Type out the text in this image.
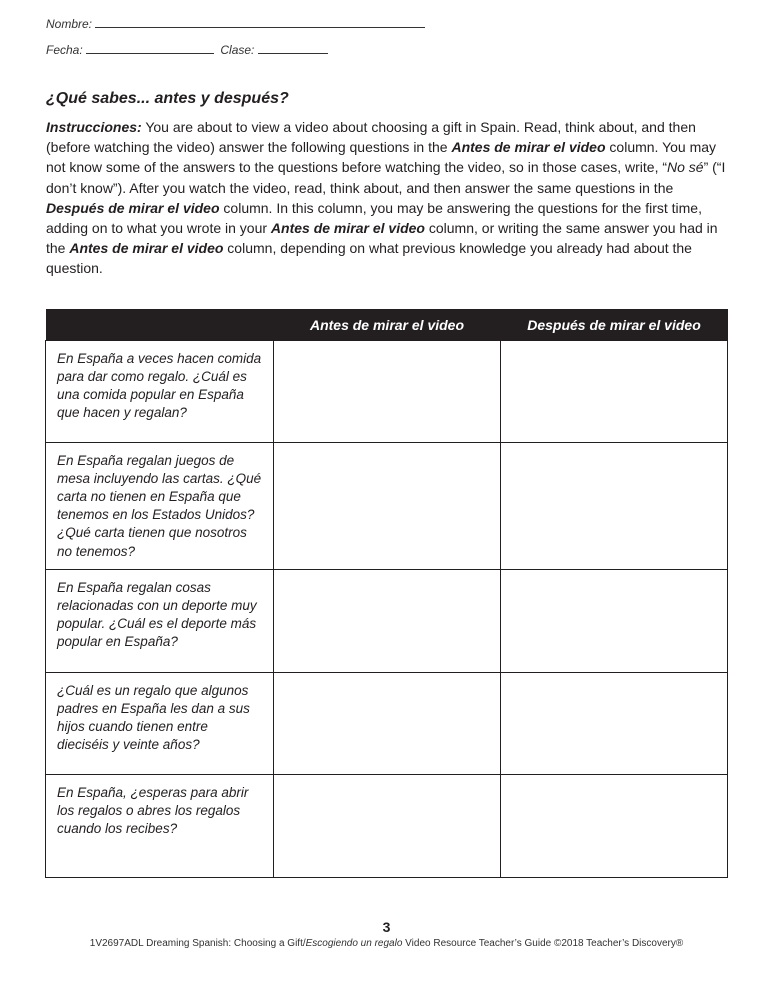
Nombre:
Fecha:	Clase:
¿Qué sabes... antes y después?

Instrucciones: You are about to view a video about choosing a gift in Spain. Read, think about, and then (before watching the video) answer the following questions in the Antes de mirar el video column. You may not know some of the answers to the questions before watching the video, so in those cases, write, “No sé” (“I don’t know”). After you watch the video, read, think about, and then answer the same questions in the Después de mirar el video column. In this column, you may be answering the questions for the first time, adding on to what you wrote in your Antes de mirar el video column, or writing the same answer you had in the Antes de mirar el video column, depending on what previous knowledge you already had about the question.

	Antes de mirar el video	Después de mirar el video
En España a veces hacen comida para dar como regalo. ¿Cuál es una comida popular en España que hacen y regalan?		
En España regalan juegos de mesa incluyendo las cartas. ¿Qué carta no tienen en España que tenemos en los Estados Unidos? ¿Qué carta tienen que nosotros no tenemos?		
En España regalan cosas relacionadas con un deporte muy popular. ¿Cuál es el deporte más popular en España?		
¿Cuál es un regalo que algunos padres en España les dan a sus hijos cuando tienen entre dieciséis y veinte años?		
En España, ¿esperas para abrir los regalos o abres los regalos cuando los recibes?		
3
1V2697ADL Dreaming Spanish: Choosing a Gift/Escogiendo un regalo Video Resource Teacher’s Guide ©2018 Teacher’s Discovery®
